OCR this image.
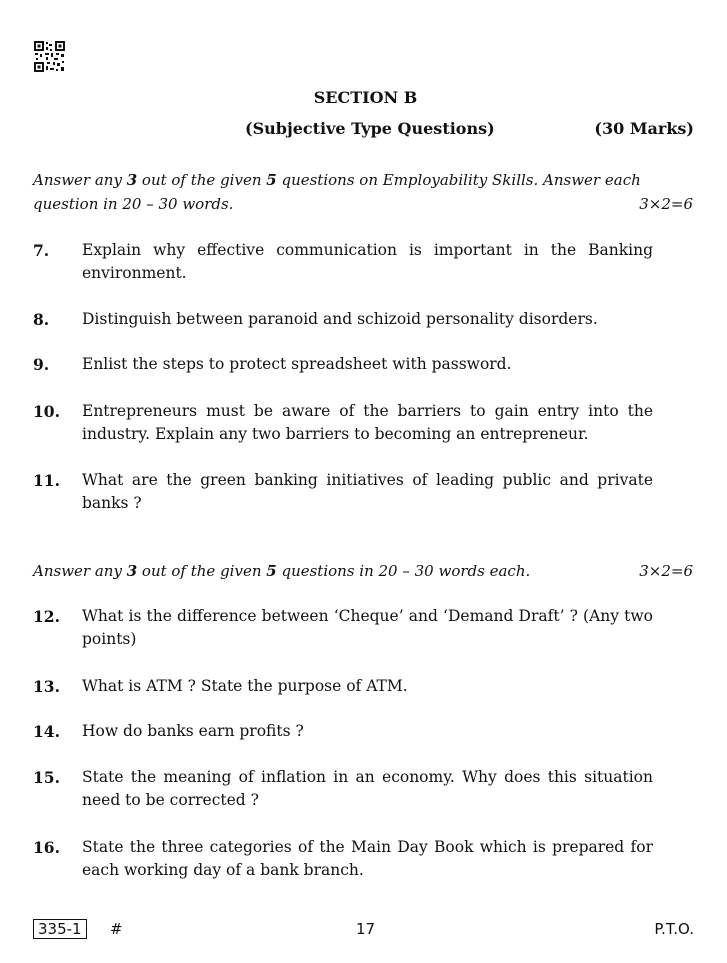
SECTION B
(Subjective Type Questions)	(30 Marks)
Answer any 3 out of the given 5 questions on Employability Skills. Answer each question in 20 – 30 words.	3×2=6
7. Explain why effective communication is important in the Banking environment.
8. Distinguish between paranoid and schizoid personality disorders.
9. Enlist the steps to protect spreadsheet with password.
10. Entrepreneurs must be aware of the barriers to gain entry into the industry. Explain any two barriers to becoming an entrepreneur.
11. What are the green banking initiatives of leading public and private banks ?
Answer any 3 out of the given 5 questions in 20 – 30 words each.	3×2=6
12. What is the difference between ‘Cheque’ and ‘Demand Draft’ ? (Any two points)
13. What is ATM ? State the purpose of ATM.
14. How do banks earn profits ?
15. State the meaning of inflation in an economy. Why does this situation need to be corrected ?
16. State the three categories of the Main Day Book which is prepared for each working day of a bank branch.
335-1	#	17	P.T.O.
